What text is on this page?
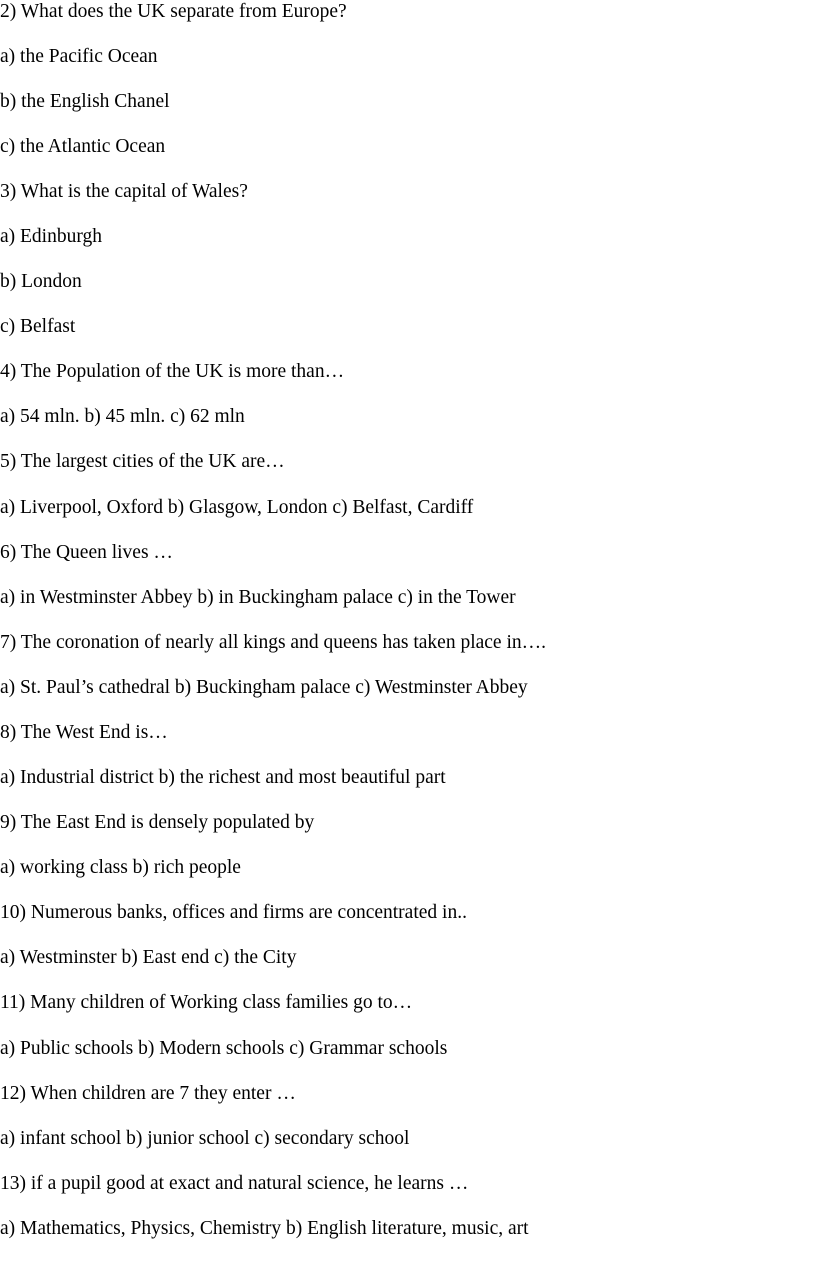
2) What does the UK separate from Europe?
a) the Pacific Ocean
b) the English Chanel
c) the Atlantic Ocean
3) What is the capital of Wales?
a) Edinburgh
b) London
c) Belfast
4) The Population of the UK is more than…
a) 54 mln. b) 45 mln. c) 62 mln
5) The largest cities of the UK are…
a) Liverpool, Oxford b) Glasgow, London c) Belfast, Cardiff
6) The Queen lives …
a) in Westminster Abbey b) in Buckingham palace c) in the Tower
7) The coronation of nearly all kings and queens has taken place in….
a) St. Paul’s cathedral b) Buckingham palace c) Westminster Abbey
8) The West End is…
a) Industrial district b) the richest and most beautiful part
9) The East End is densely populated by
a) working class b) rich people
10) Numerous banks, offices and firms are concentrated in..
a) Westminster b) East end c) the City
11) Many children of Working class families go to…
a) Public schools b) Modern schools c) Grammar schools
12) When children are 7 they enter …
a) infant school b) junior school c) secondary school
13) if a pupil good at exact and natural science, he learns …
a) Mathematics, Physics, Chemistry b) English literature, music, art
